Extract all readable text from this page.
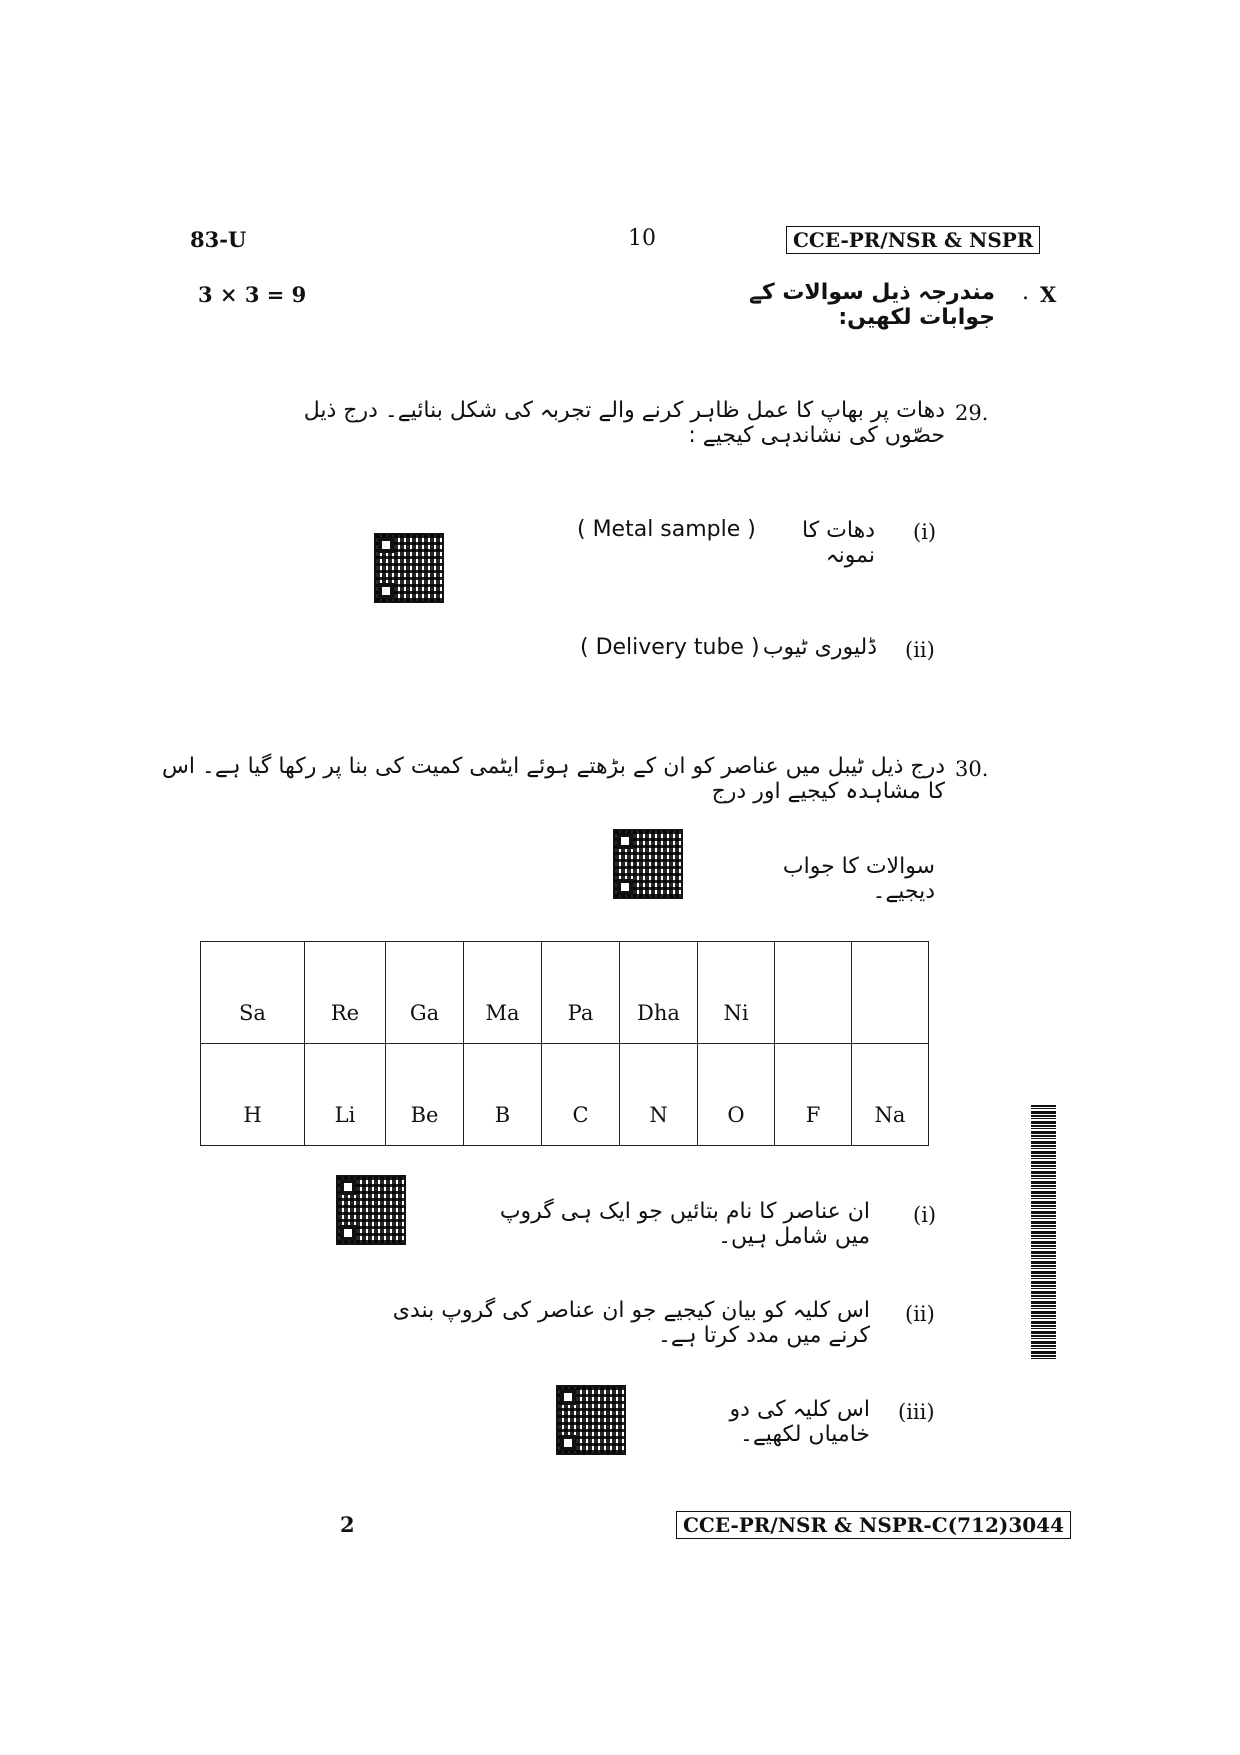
83-U	10	CCE-PR/NSR & NSPR
3 × 3 = 9	مندرجہ ذیل سوالات کے جوابات لکھیں:
. X
29.
دھات پر بھاپ کا عمل ظاہر کرنے والے تجربہ کی شکل بنائیے۔ درج ذیل حصّوں کی نشاندہی کیجیے :
(i)
دھات کا نمونہ
( Metal sample )
(ii)
ڈلیوری ٹیوب
( Delivery tube )
30.
درج ذیل ٹیبل میں عناصر کو ان کے بڑھتے ہوئے ایٹمی کمیت کی بنا پر رکھا گیا ہے۔ اس کا مشاہدہ کیجیے اور درج
سوالات کا جواب دیجیے۔
Sa	Re	Ga	Ma	Pa	Dha	Ni		
H	Li	Be	B	C	N	O	F	Na
(i)
ان عناصر کا نام بتائیں جو ایک ہی گروپ میں شامل ہیں۔
(ii)
اس کلیہ کو بیان کیجیے جو ان عناصر کی گروپ بندی کرنے میں مدد کرتا ہے۔
(iii)
اس کلیہ کی دو خامیاں لکھیے۔
2	CCE-PR/NSR & NSPR-C(712)3044
